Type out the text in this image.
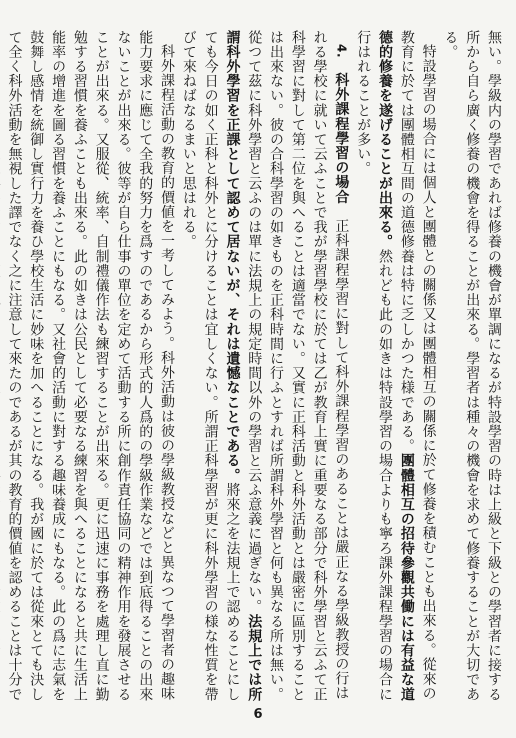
無い。學級内の學習であれば修養の機會が單調になるが特設學習の時は上級と下級との學習者に接する所から自ら廣く修養の機會を得ることが出來る。學習者は種々の機會を求めて修養することが大切である。

特設學習の場合には個人と團體との關係又は團體相互の關係に於て修養を積むことも出來る。從來の教育に於ては團體相互間の道德修養は特に乏しかつた様である。團體相互の招待參觀共働には有益な道德的修養を遂げることが出來る。然れども此の如きは特設學習の場合よりも寧ろ課外課程學習の場合に行はれることが多い。

4.　科外課程學習の場合　正科課程學習に對して科外課程學習のあることは嚴正なる學級教授の行はれる學校に就いて云ふことで我が學習學校に於ては乙が教育上實に重要なる部分で科外學習と云ふて正科學習に對して第二位を與へることは適當でない。又實に正科活動と科外活動とは嚴密に區別することは出來ない。彼の合科學習の如きものを正科時間に行ふとすれば所謂科外學習と何も異なる所は無い。從つて茲に科外學習と云ふのは單に法規上の規定時間以外の學習と云ふ意義に過ぎない。法規上では所謂科外學習を正課として認めて居ないが、それは遺憾なことである。將來之を法規上で認めることにしても今日の如く正科と科外とに分けることは宜しくない。所謂正科學習が更に科外學習の様な性質を帶びて來ねばなるまいと思はれる。

科外課程活動の教育的價値を一考してみよう。科外活動は彼の學級教授などと異なつて學習者の趣味能力要求に應じて全我的努力を爲すのであるから形式的人爲的の學級作業などでは到底得ることの出來ないことが出來る。彼等が自ら仕事の單位を定めて活動する所に創作責任協同の精神作用を發展させることが出來る。又服從、統率、自制禮儀作法も練習することが出來る。更に迅速に事務を處理し直に勤勉する習慣を養ふことも出來る。此の如きは公民として必要なる練習を與へることになると共に生活上能率の增進を圖る習慣を養ふことにもなる。又社會的活動に對する趣味養成にもなる。此の爲に志氣を鼓舞し感情を統御し實行力を養ひ學校生活に妙味を加へることになる。我が國に於ては從來とても決して全く科外活動を無視した譯でなく之に注意して來たのであるが其の教育的價値を認めることは十分で

6
